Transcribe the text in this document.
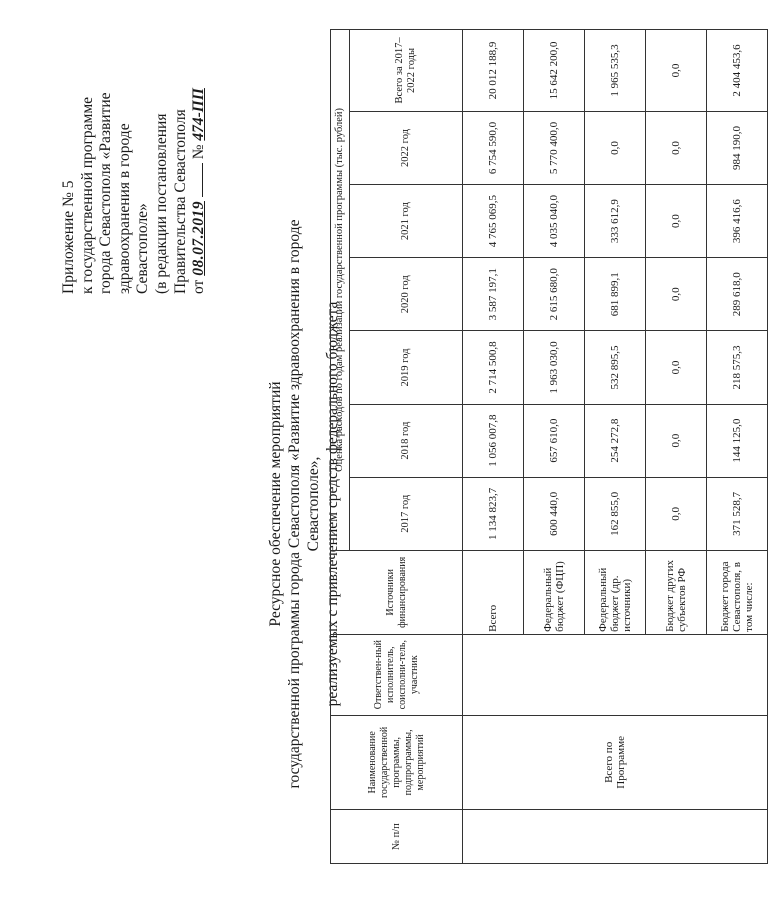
Приложение № 5 к государственной программе города Севастополя «Развитие здравоохранения в городе Севастополе» (в редакции постановления Правительства Севастополя от 08.07.2019  № 474-ПП
Ресурсное обеспечение мероприятий государственной программы города Севастополя «Развитие здравоохранения в городе Севастополе», реализуемых с привлечением средств федерального бюджета
№ п/п	Наименование государственной программы, подпрограммы, мероприятий	Ответствен-ный исполнитель, соисполни-тель, участник	Источники финансирования	Оценка расходов по годам реализации государственной программы (тыс. рублей)						
				2017 год	2018 год	2019 год	2020 год	2021 год	2022 год	Всего за 2017–2022 годы
	Всего по Программе		Всего	1 134 823,7	1 056 007,8	2 714 500,8	3 587 197,1	4 765 069,5	6 754 590,0	20 012 188,9
			Федеральный бюджет (ФЦП)	600 440,0	657 610,0	1 963 030,0	2 615 680,0	4 035 040,0	5 770 400,0	15 642 200,0
			Федеральный бюджет (др. источники)	162 855,0	254 272,8	532 895,5	681 899,1	333 612,9	0,0	1 965 535,3
			Бюджет других субъектов РФ	0,0	0,0	0,0	0,0	0,0	0,0	0,0
			Бюджет города Севастополя, в том числе:	371 528,7	144 125,0	218 575,3	289 618,0	396 416,6	984 190,0	2 404 453,6
